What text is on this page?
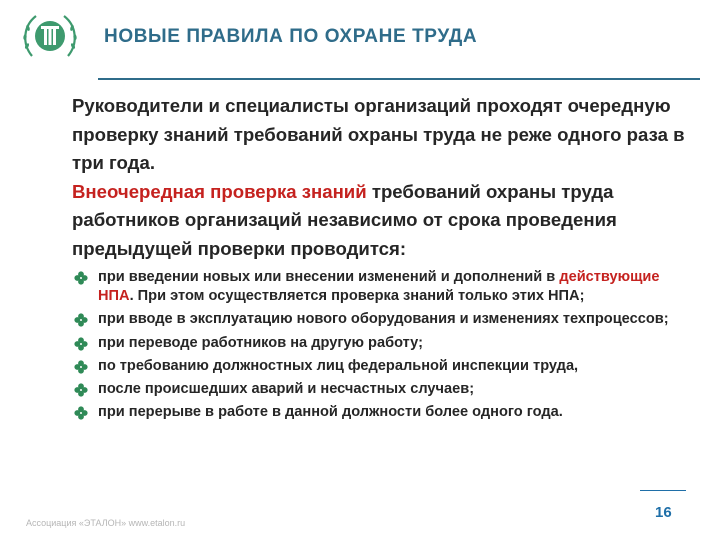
НОВЫЕ ПРАВИЛА ПО ОХРАНЕ ТРУДА

Руководители и специалисты организаций проходят очередную проверку знаний требований охраны труда не реже одного раза в три года.

Внеочередная проверка знаний требований охраны труда работников организаций независимо от срока проведения предыдущей проверки проводится:

при введении новых или внесении изменений и дополнений в действующие НПА. При этом осуществляется проверка знаний только этих НПА;
при вводе в эксплуатацию нового оборудования и изменениях техпроцессов;
при переводе работников на другую работу;
по требованию должностных лиц федеральной инспекции труда,
после происшедших аварий и несчастных случаев;
при перерыве в работе в данной должности более одного года.
Ассоциация «ЭТАЛОН» www.etalon.ru
16
